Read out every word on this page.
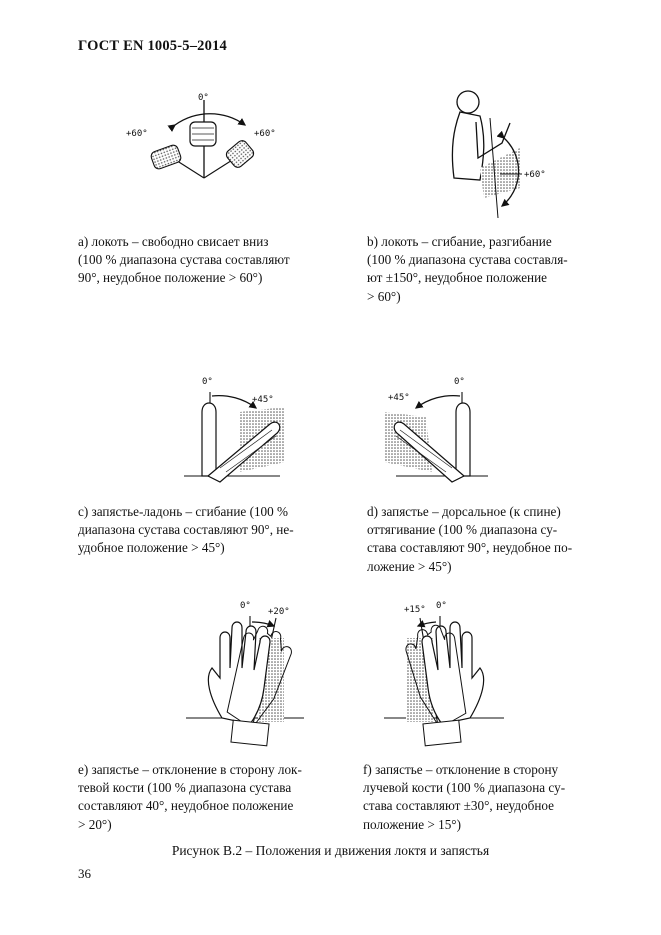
ГОСТ EN 1005-5–2014
0°
+60°	+60°
а) локоть – свободно свисает вниз
(100 % диапазона сустава составляют
90°, неудобное положение > 60°)
+60°
b) локоть – сгибание, разгибание
(100 % диапазона сустава составля-
ют ±150°, неудобное положение
> 60°)
0°
+45°
c) запястье-ладонь – сгибание (100 %
диапазона сустава составляют 90°, не-
удобное положение > 45°)
+45°
0°
d) запястье – дорсальное (к спине)
оттягивание (100 % диапазона су-
става составляют 90°, неудобное по-
ложение > 45°)
0°
+20°
e) запястье – отклонение в сторону лок-
тевой кости (100 % диапазона сустава
составляют 40°, неудобное положение
> 20°)
+15° 0°
f) запястье – отклонение в сторону
лучевой кости (100 % диапазона су-
става составляют ±30°, неудобное
положение > 15°)
Рисунок В.2 – Положения и движения локтя и запястья
36
